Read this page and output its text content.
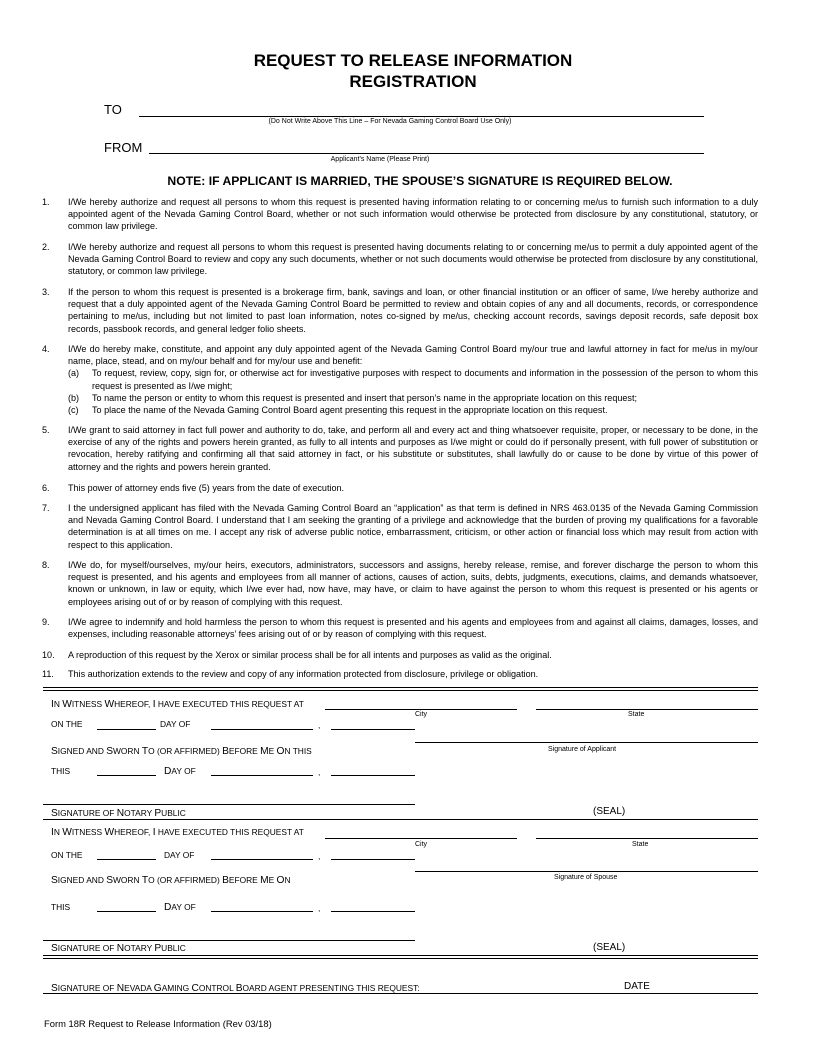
REQUEST TO RELEASE INFORMATION
REGISTRATION
TO
(Do Not Write Above This Line – For Nevada Gaming Control Board Use Only)
FROM
Applicant’s Name (Please Print)
NOTE: IF APPLICANT IS MARRIED, THE SPOUSE’S SIGNATURE IS REQUIRED BELOW.
1. I/We hereby authorize and request all persons to whom this request is presented having information relating to or concerning me/us to furnish such information to a duly appointed agent of the Nevada Gaming Control Board, whether or not such information would otherwise be protected from disclosure by any constitutional, statutory, or common law privilege.
2. I/We hereby authorize and request all persons to whom this request is presented having documents relating to or concerning me/us to permit a duly appointed agent of the Nevada Gaming Control Board to review and copy any such documents, whether or not such documents would otherwise be protected from disclosure by any constitutional, statutory, or common law privilege.
3. If the person to whom this request is presented is a brokerage firm, bank, savings and loan, or other financial institution or an officer of same, I/we hereby authorize and request that a duly appointed agent of the Nevada Gaming Control Board be permitted to review and obtain copies of any and all documents, records, or correspondence pertaining to me/us, including but not limited to past loan information, notes co-signed by me/us, checking account records, savings deposit records, safe deposit box records, passbook records, and general ledger folio sheets.
4. I/We do hereby make, constitute, and appoint any duly appointed agent of the Nevada Gaming Control Board my/our true and lawful attorney in fact for me/us in my/our name, place, stead, and on my/our behalf and for my/our use and benefit:
(a) To request, review, copy, sign for, or otherwise act for investigative purposes with respect to documents and information in the possession of the person to whom this request is presented as I/we might;
(b) To name the person or entity to whom this request is presented and insert that person’s name in the appropriate location on this request;
(c) To place the name of the Nevada Gaming Control Board agent presenting this request in the appropriate location on this request.
5. I/We grant to said attorney in fact full power and authority to do, take, and perform all and every act and thing whatsoever requisite, proper, or necessary to be done, in the exercise of any of the rights and powers herein granted, as fully to all intents and purposes as I/we might or could do if personally present, with full power of substitution or revocation, hereby ratifying and confirming all that said attorney in fact, or his substitute or substitutes, shall lawfully do or cause to be done by virtue of this power of attorney and the rights and powers herein granted.
6. This power of attorney ends five (5) years from the date of execution.
7. I the undersigned applicant has filed with the Nevada Gaming Control Board an “application” as that term is defined in NRS 463.0135 of the Nevada Gaming Commission and Nevada Gaming Control Board. I understand that I am seeking the granting of a privilege and acknowledge that the burden of proving my qualifications for a favorable determination is at all times on me. I accept any risk of adverse public notice, embarrassment, criticism, or other action or financial loss which may result from action with respect to this application.
8. I/We do, for myself/ourselves, my/our heirs, executors, administrators, successors and assigns, hereby release, remise, and forever discharge the person to whom this request is presented, and his agents and employees from all manner of actions, causes of action, suits, debts, judgments, executions, claims, and demands whatsoever, known or unknown, in law or equity, which I/we ever had, now have, may have, or claim to have against the person to whom this request is presented or his agents or employees arising out of or by reason of complying with this request.
9. I/We agree to indemnify and hold harmless the person to whom this request is presented and his agents and employees from and against all claims, damages, losses, and expenses, including reasonable attorneys’ fees arising out of or by reason of complying with this request.
10. A reproduction of this request by the Xerox or similar process shall be for all intents and purposes as valid as the original.
11. This authorization extends to the review and copy of any information protected from disclosure, privilege or obligation.
IN WITNESS WHEREOF, I HAVE EXECUTED THIS REQUEST AT
City	State
ON THE	DAY OF	,
Signature of Applicant
SIGNED AND SWORN TO (OR AFFIRMED) BEFORE ME ON THIS
THIS	DAY OF	,
SIGNATURE OF NOTARY PUBLIC	(SEAL)
IN WITNESS WHEREOF, I HAVE EXECUTED THIS REQUEST AT
City	State
ON THE	DAY OF	,
Signature of Spouse
SIGNED AND SWORN TO (OR AFFIRMED) BEFORE ME ON
THIS	DAY OF	,
SIGNATURE OF NOTARY PUBLIC	(SEAL)
SIGNATURE OF NEVADA GAMING CONTROL BOARD AGENT PRESENTING THIS REQUEST:	DATE
Form 18R Request to Release Information (Rev 03/18)
